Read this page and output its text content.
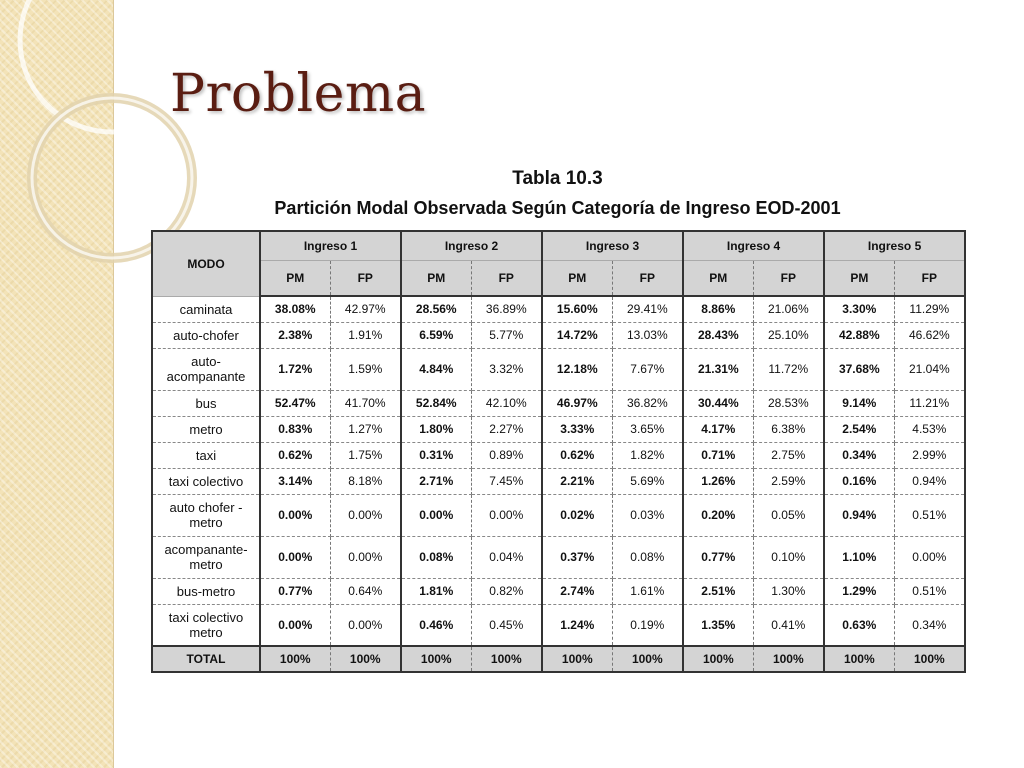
Problema
Tabla 10.3
Partición Modal Observada Según Categoría de Ingreso EOD-2001
MODO	Ingreso 1		Ingreso 2		Ingreso 3		Ingreso 4		Ingreso 5	
	PM	FP	PM	FP	PM	FP	PM	FP	PM	FP
caminata	38.08%	42.97%	28.56%	36.89%	15.60%	29.41%	8.86%	21.06%	3.30%	11.29%
auto-chofer	2.38%	1.91%	6.59%	5.77%	14.72%	13.03%	28.43%	25.10%	42.88%	46.62%
auto-acompanante	1.72%	1.59%	4.84%	3.32%	12.18%	7.67%	21.31%	11.72%	37.68%	21.04%
bus	52.47%	41.70%	52.84%	42.10%	46.97%	36.82%	30.44%	28.53%	9.14%	11.21%
metro	0.83%	1.27%	1.80%	2.27%	3.33%	3.65%	4.17%	6.38%	2.54%	4.53%
taxi	0.62%	1.75%	0.31%	0.89%	0.62%	1.82%	0.71%	2.75%	0.34%	2.99%
taxi colectivo	3.14%	8.18%	2.71%	7.45%	2.21%	5.69%	1.26%	2.59%	0.16%	0.94%
auto chofer - metro	0.00%	0.00%	0.00%	0.00%	0.02%	0.03%	0.20%	0.05%	0.94%	0.51%
acompanante-metro	0.00%	0.00%	0.08%	0.04%	0.37%	0.08%	0.77%	0.10%	1.10%	0.00%
bus-metro	0.77%	0.64%	1.81%	0.82%	2.74%	1.61%	2.51%	1.30%	1.29%	0.51%
taxi colectivo metro	0.00%	0.00%	0.46%	0.45%	1.24%	0.19%	1.35%	0.41%	0.63%	0.34%
TOTAL	100%	100%	100%	100%	100%	100%	100%	100%	100%	100%
